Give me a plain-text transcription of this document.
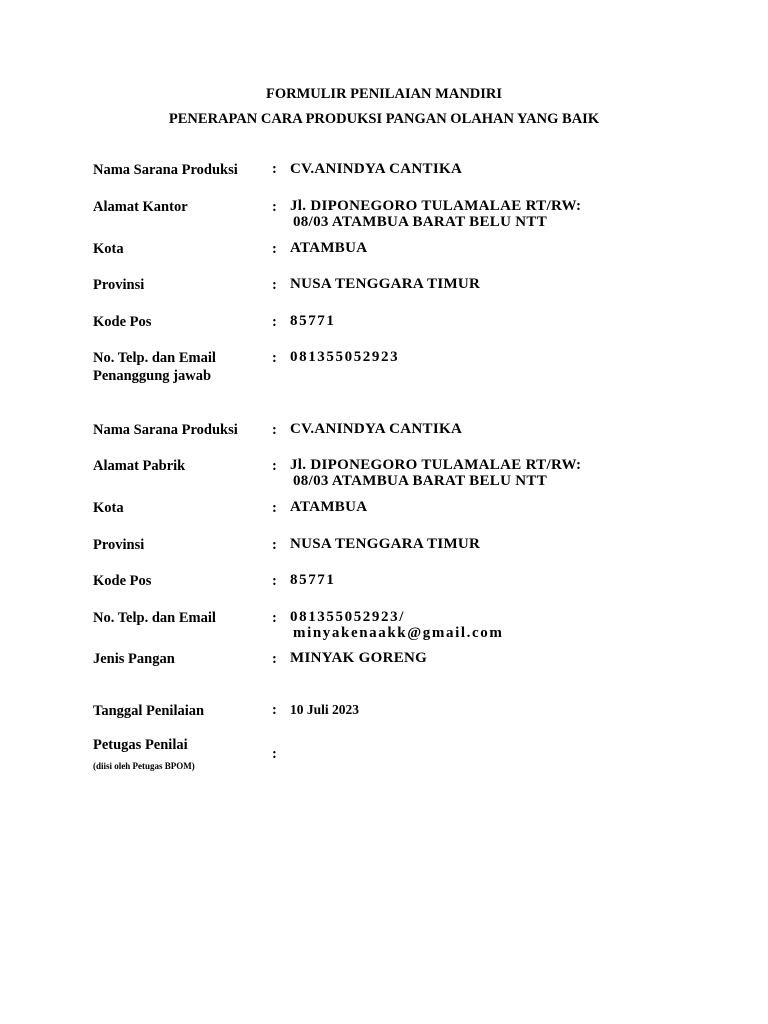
FORMULIR PENILAIAN MANDIRI
PENERAPAN CARA PRODUKSI PANGAN OLAHAN YANG BAIK
Nama Sarana Produksi : CV.ANINDYA CANTIKA
Alamat Kantor	: Jl. DIPONEGORO TULAMALAE RT/RW:
08/03 ATAMBUA BARAT BELU NTT
Kota	: ATAMBUA
Provinsi	: NUSA TENGGARA TIMUR
Kode Pos	: 85771
No. Telp. dan Email
Penanggung jawab
: 081355052923
Nama Sarana Produksi : CV.ANINDYA CANTIKA
Alamat Pabrik	: Jl. DIPONEGORO TULAMALAE RT/RW:
08/03 ATAMBUA BARAT BELU NTT
Kota	: ATAMBUA
Provinsi	: NUSA TENGGARA TIMUR
Kode Pos	: 85771
No. Telp. dan Email	: 081355052923/
minyakenaakk@gmail.com
Jenis Pangan	: MINYAK GORENG
Tanggal Penilaian	: 10 Juli 2023
Petugas Penilai
(diisi oleh Petugas BPOM)
:
